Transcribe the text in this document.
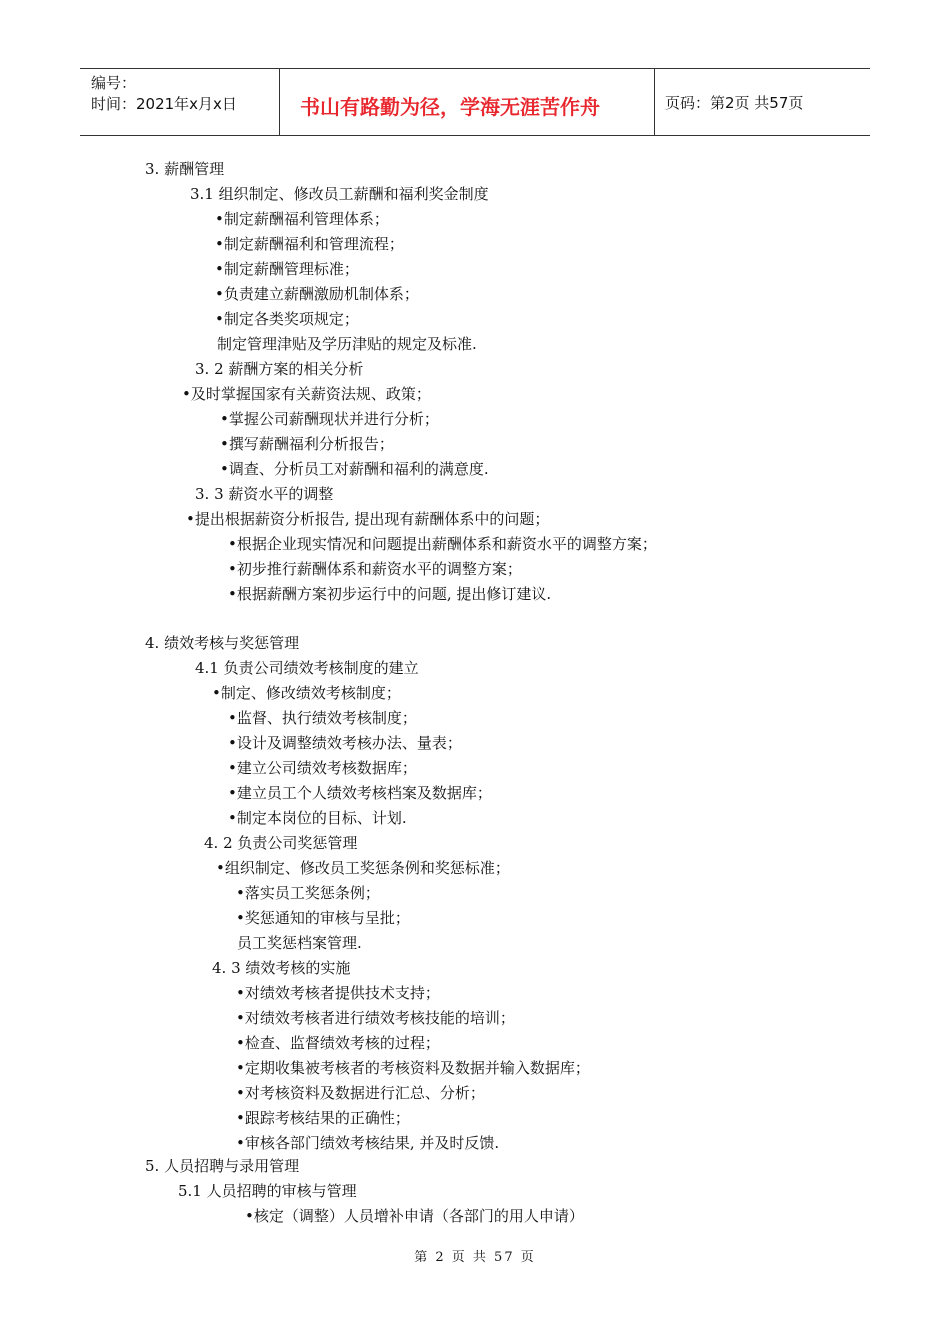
编号：
时间：2021年x月x日	书山有路勤为径，学海无涯苦作舟	页码：第2页 共57页
3. 薪酬管理
3.1 组织制定、修改员工薪酬和福利奖金制度
•制定薪酬福利管理体系；
•制定薪酬福利和管理流程；
•制定薪酬管理标准；
•负责建立薪酬激励机制体系；
•制定各类奖项规定；
制定管理津贴及学历津贴的规定及标准.
3. 2 薪酬方案的相关分析
•及时掌握国家有关薪资法规、政策；
•掌握公司薪酬现状并进行分析；
•撰写薪酬福利分析报告；
•调查、分析员工对薪酬和福利的满意度.
3. 3 薪资水平的调整
•提出根据薪资分析报告, 提出现有薪酬体系中的问题；
•根据企业现实情况和问题提出薪酬体系和薪资水平的调整方案；
•初步推行薪酬体系和薪资水平的调整方案；
•根据薪酬方案初步运行中的问题, 提出修订建议.
4. 绩效考核与奖惩管理
4.1 负责公司绩效考核制度的建立
•制定、修改绩效考核制度；
•监督、执行绩效考核制度；
•设计及调整绩效考核办法、量表；
•建立公司绩效考核数据库；
•建立员工个人绩效考核档案及数据库；
•制定本岗位的目标、计划.
4. 2 负责公司奖惩管理
•组织制定、修改员工奖惩条例和奖惩标准；
•落实员工奖惩条例；
•奖惩通知的审核与呈批；
员工奖惩档案管理.
4. 3 绩效考核的实施
•对绩效考核者提供技术支持；
•对绩效考核者进行绩效考核技能的培训；
•检查、监督绩效考核的过程；
•定期收集被考核者的考核资料及数据并输入数据库；
•对考核资料及数据进行汇总、分析；
•跟踪考核结果的正确性；
•审核各部门绩效考核结果, 并及时反馈.
5. 人员招聘与录用管理
5.1 人员招聘的审核与管理
•核定（调整）人员增补申请（各部门的用人申请）
第 2 页 共 57 页
